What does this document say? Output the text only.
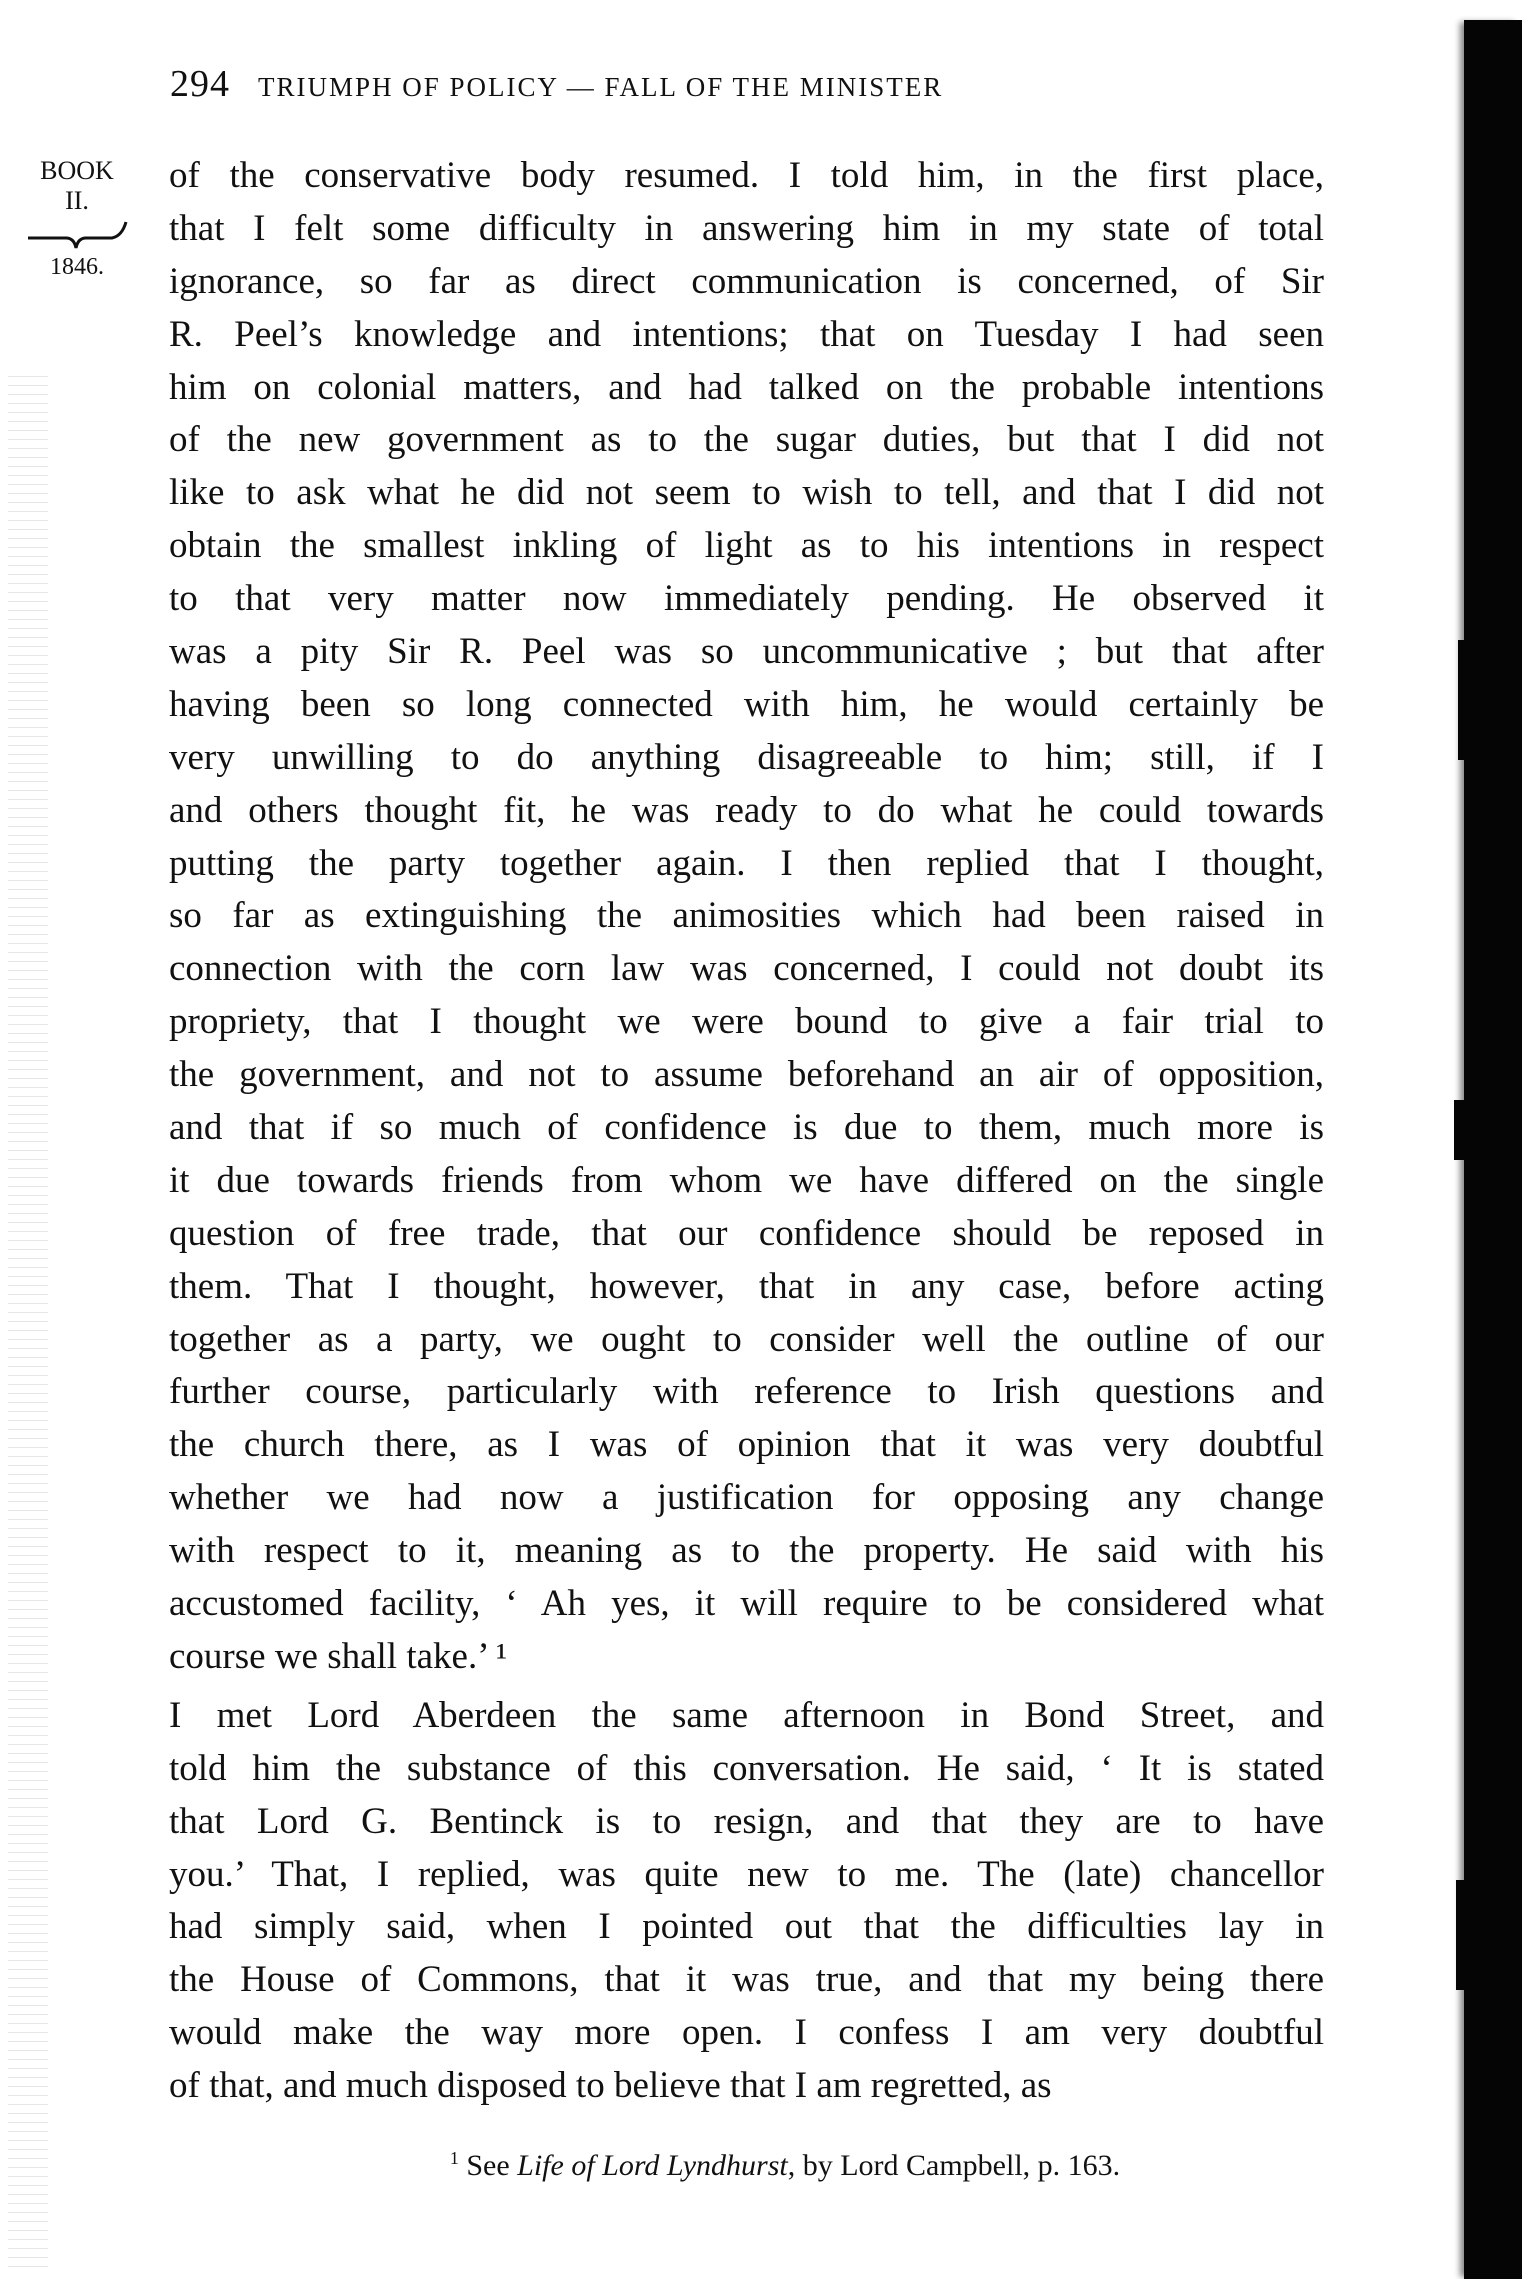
294 TRIUMPH OF POLICY — FALL OF THE MINISTER
BOOK
II.
1846.
of the conservative body resumed. I told him, in the first place,
that I felt some difficulty in answering him in my state of total
ignorance, so far as direct communication is concerned, of Sir
R. Peel’s knowledge and intentions; that on Tuesday I had seen
him on colonial matters, and had talked on the probable intentions
of the new government as to the sugar duties, but that I did not
like to ask what he did not seem to wish to tell, and that I did not
obtain the smallest inkling of light as to his intentions in respect
to that very matter now immediately pending. He observed it
was a pity Sir R. Peel was so uncommunicative ; but that after
having been so long connected with him, he would certainly be
very unwilling to do anything disagreeable to him; still, if I
and others thought fit, he was ready to do what he could towards
putting the party together again. I then replied that I thought,
so far as extinguishing the animosities which had been raised in
connection with the corn law was concerned, I could not doubt its
propriety, that I thought we were bound to give a fair trial to
the government, and not to assume beforehand an air of opposition,
and that if so much of confidence is due to them, much more is
it due towards friends from whom we have differed on the single
question of free trade, that our confidence should be reposed in
them. That I thought, however, that in any case, before acting
together as a party, we ought to consider well the outline of our
further course, particularly with reference to Irish questions and
the church there, as I was of opinion that it was very doubtful
whether we had now a justification for opposing any change
with respect to it, meaning as to the property. He said with his
accustomed facility, ‘ Ah yes, it will require to be considered what
course we shall take.’ ¹
I met Lord Aberdeen the same afternoon in Bond Street, and
told him the substance of this conversation. He said, ‘ It is stated
that Lord G. Bentinck is to resign, and that they are to have
you.’ That, I replied, was quite new to me. The (late) chancellor
had simply said, when I pointed out that the difficulties lay in
the House of Commons, that it was true, and that my being there
would make the way more open. I confess I am very doubtful
of that, and much disposed to believe that I am regretted, as
$^1$ See Life of Lord Lyndhurst, by Lord Campbell, p. 163.
